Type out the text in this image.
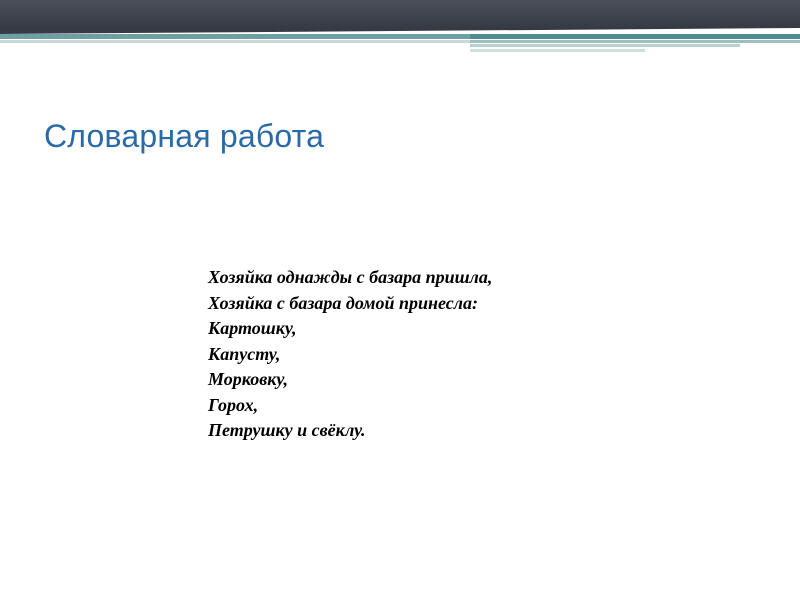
Словарная работа
Хозяйка однажды с базара пришла,
Хозяйка с базара домой принесла:
Картошку,
Капусту,
Морковку,
Горох,
Петрушку и свёклу.
